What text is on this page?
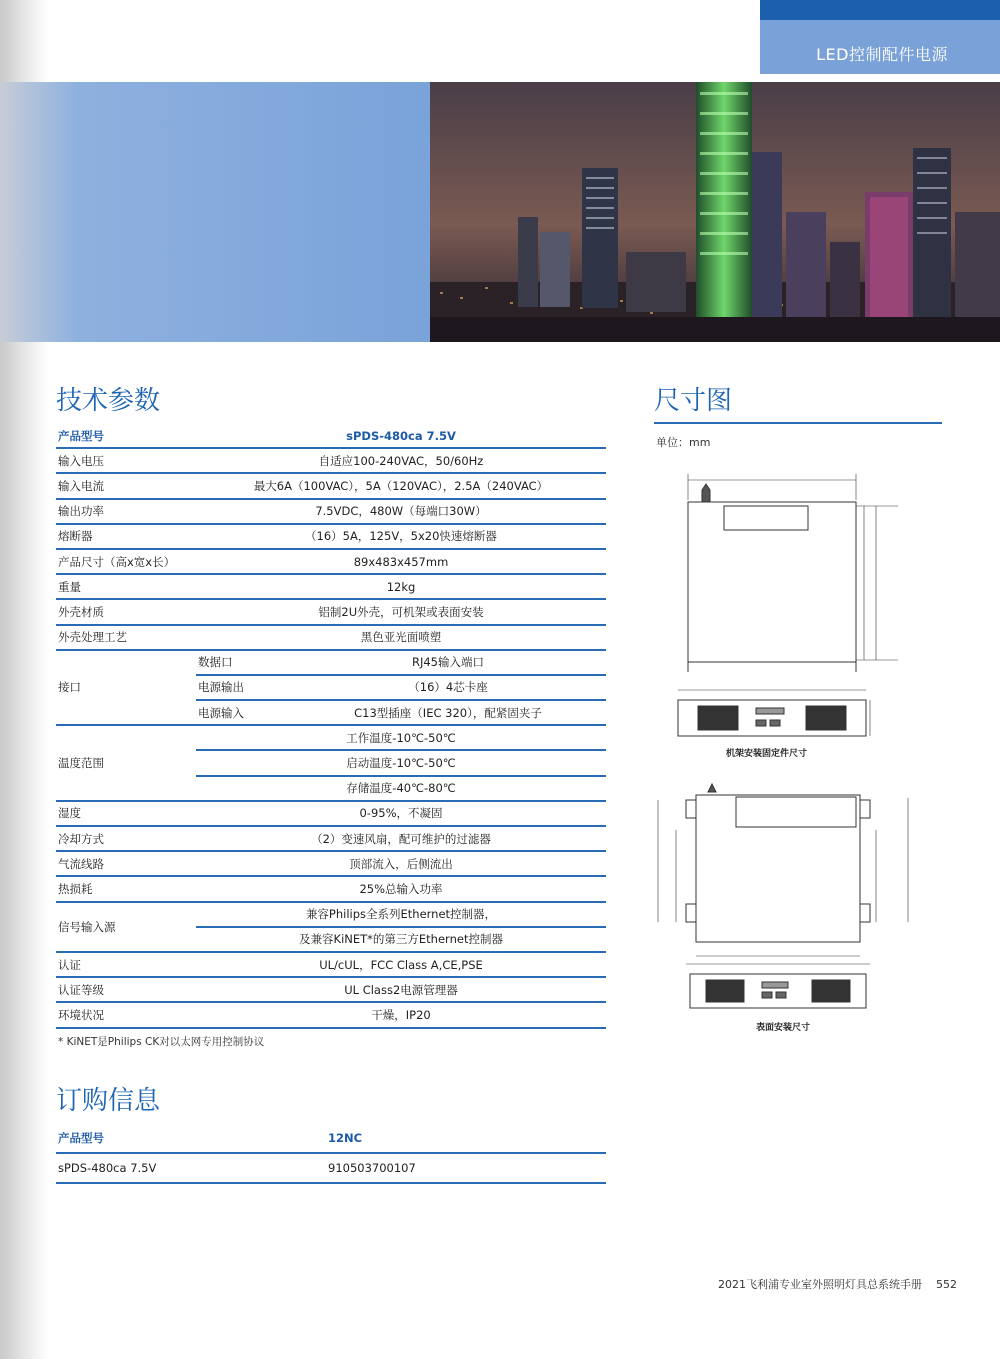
LED控制配件电源
技术参数
产品型号	sPDS-480ca 7.5V	
输入电压	自适应100-240VAC，50/60Hz	
输入电流	最大6A（100VAC），5A（120VAC），2.5A（240VAC）	
输出功率	7.5VDC，480W（每端口30W）	
熔断器	（16）5A，125V，5x20快速熔断器	
产品尺寸（高x宽x长）	89x483x457mm	
重量	12kg	
外壳材质	铝制2U外壳，可机架或表面安装	
外壳处理工艺	黑色亚光面喷塑	
接口	数据口	RJ45输入端口
	电源输出	（16）4芯卡座
	电源输入	C13型插座（IEC 320），配紧固夹子
温度范围	工作温度-10℃-50℃	
	启动温度-10℃-50℃	
	存储温度-40℃-80℃	
湿度	0-95%，不凝固	
冷却方式	（2）变速风扇，配可维护的过滤器	
气流线路	顶部流入，后侧流出	
热损耗	25%总输入功率	
信号输入源	兼容Philips全系列Ethernet控制器，	
	及兼容KiNET*的第三方Ethernet控制器	
认证	UL/cUL，FCC Class A,CE,PSE	
认证等级	UL Class2电源管理器	
环境状况	干燥，IP20	
* KiNET是Philips CK对以太网专用控制协议
订购信息
产品型号	12NC
sPDS-480ca 7.5V	910503700107
尺寸图
单位：mm
机架安装固定件尺寸
表面安装尺寸
2021飞利浦专业室外照明灯具总系统手册 552
